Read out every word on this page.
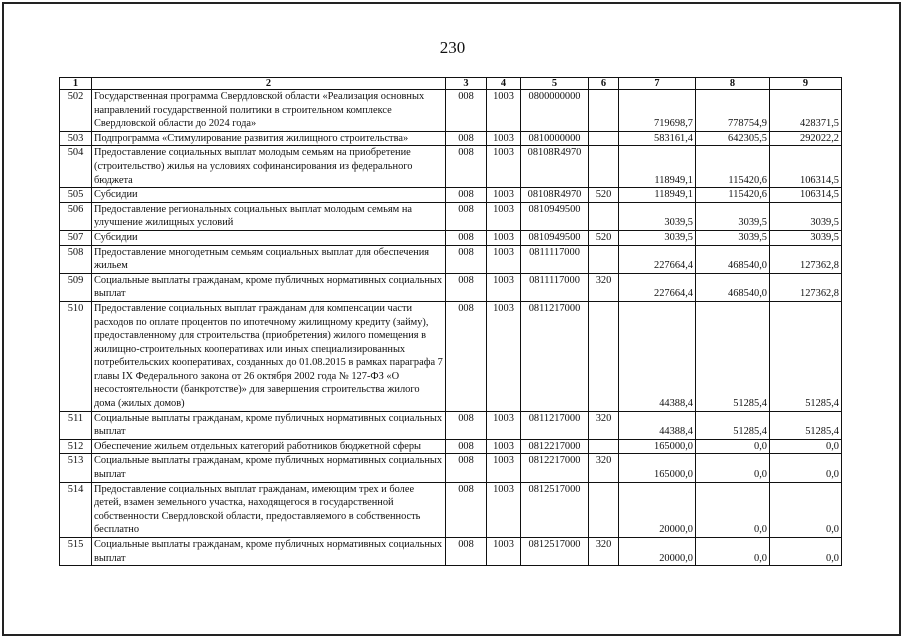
230
1	2	3	4	5	6	7	8	9
502	Государственная программа Свердловской области «Реализация основных направлений государственной политики в строительном комплексе Свердловской области до 2024 года»	008	1003	0800000000		719698,7	778754,9	428371,5
503	Подпрограмма «Стимулирование развития жилищного строительства»	008	1003	0810000000		583161,4	642305,5	292022,2
504	Предоставление социальных выплат молодым семьям на приобретение (строительство) жилья на условиях софинансирования из федерального бюджета	008	1003	08108R4970		118949,1	115420,6	106314,5
505	Субсидии	008	1003	08108R4970	520	118949,1	115420,6	106314,5
506	Предоставление региональных социальных выплат молодым семьям на улучшение жилищных условий	008	1003	0810949500		3039,5	3039,5	3039,5
507	Субсидии	008	1003	0810949500	520	3039,5	3039,5	3039,5
508	Предоставление многодетным семьям социальных выплат для обеспечения жильем	008	1003	0811117000		227664,4	468540,0	127362,8
509	Социальные выплаты гражданам, кроме публичных нормативных социальных выплат	008	1003	0811117000	320	227664,4	468540,0	127362,8
510	Предоставление социальных выплат гражданам для компенсации части расходов по оплате процентов по ипотечному жилищному кредиту (займу), предоставленному для строительства (приобретения) жилого помещения в жилищно-строительных кооперативах или иных специализированных потребительских кооперативах, созданных до 01.08.2015 в рамках параграфа 7 главы IX Федерального закона от 26 октября 2002 года № 127-ФЗ «О несостоятельности (банкротстве)» для завершения строительства жилого дома (жилых домов)	008	1003	0811217000		44388,4	51285,4	51285,4
511	Социальные выплаты гражданам, кроме публичных нормативных социальных выплат	008	1003	0811217000	320	44388,4	51285,4	51285,4
512	Обеспечение жильем отдельных категорий работников бюджетной сферы	008	1003	0812217000		165000,0	0,0	0,0
513	Социальные выплаты гражданам, кроме публичных нормативных социальных выплат	008	1003	0812217000	320	165000,0	0,0	0,0
514	Предоставление социальных выплат гражданам, имеющим трех и более детей, взамен земельного участка, находящегося в государственной собственности Свердловской области, предоставляемого в собственность бесплатно	008	1003	0812517000		20000,0	0,0	0,0
515	Социальные выплаты гражданам, кроме публичных нормативных социальных выплат	008	1003	0812517000	320	20000,0	0,0	0,0
